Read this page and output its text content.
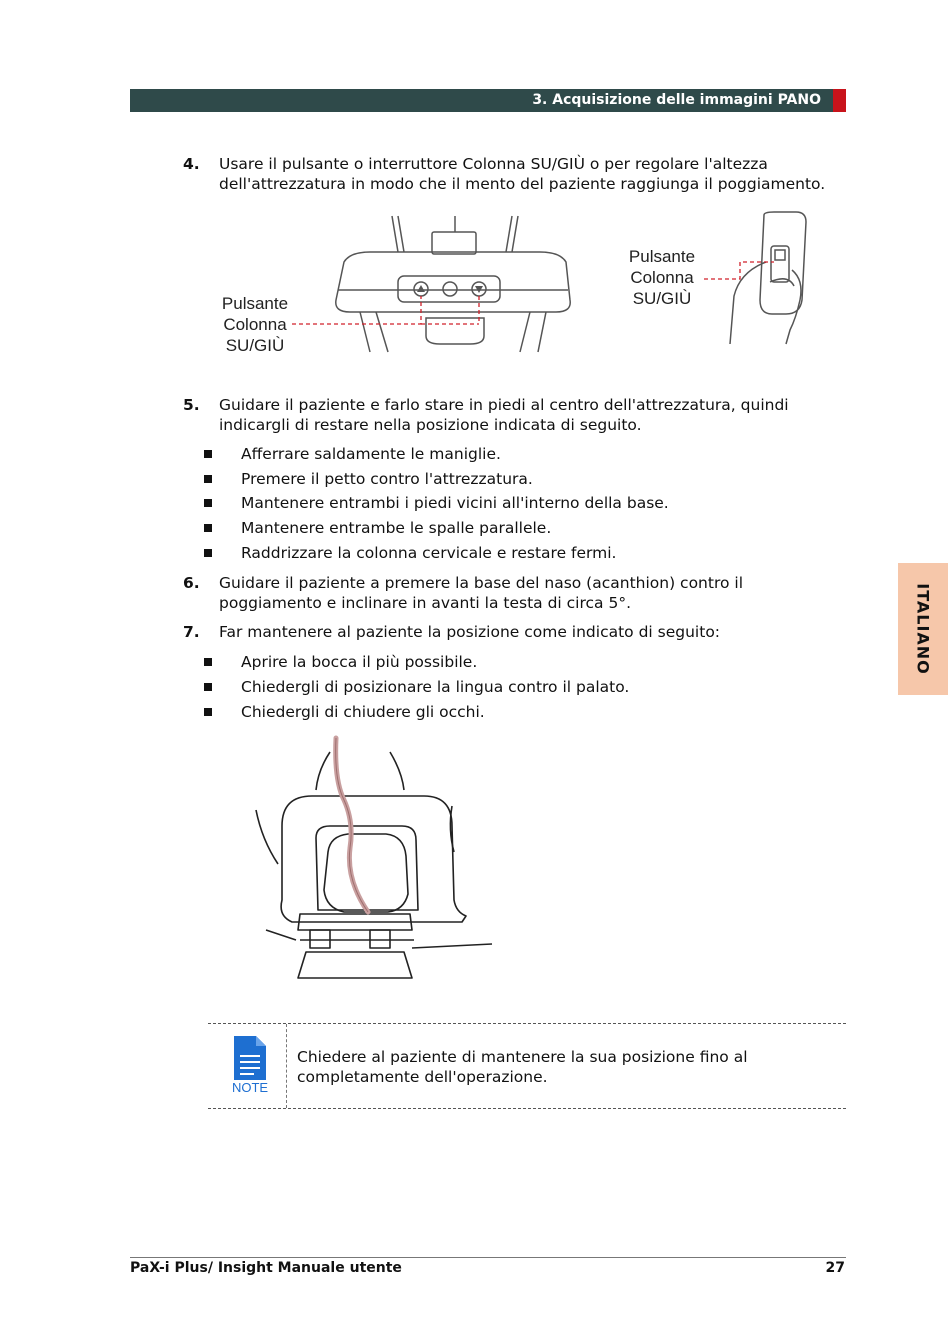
3. Acquisizione delle immagini PANO
4. Usare il pulsante o interruttore Colonna SU/GIÙ o per regolare l'altezza dell'attrezzatura in modo che il mento del paziente raggiunga il poggiamento.
Pulsante
Colonna
SU/GIÙ
Pulsante
Colonna
SU/GIÙ
5. Guidare il paziente e farlo stare in piedi al centro dell'attrezzatura, quindi indicargli di restare nella posizione indicata di seguito.
Afferrare saldamente le maniglie.
Premere il petto contro l'attrezzatura.
Mantenere entrambi i piedi vicini all'interno della base.
Mantenere entrambe le spalle parallele.
Raddrizzare la colonna cervicale e restare fermi.
6. Guidare il paziente a premere la base del naso (acanthion) contro il poggiamento e inclinare in avanti la testa di circa 5°.
7. Far mantenere al paziente la posizione come indicato di seguito:
Aprire la bocca il più possibile.
Chiedergli di posizionare la lingua contro il palato.
Chiedergli di chiudere gli occhi.
ITALIANO
NOTE
Chiedere al paziente di mantenere la sua posizione fino al completamente dell'operazione.
PaX-i Plus/ Insight Manuale utente	27
